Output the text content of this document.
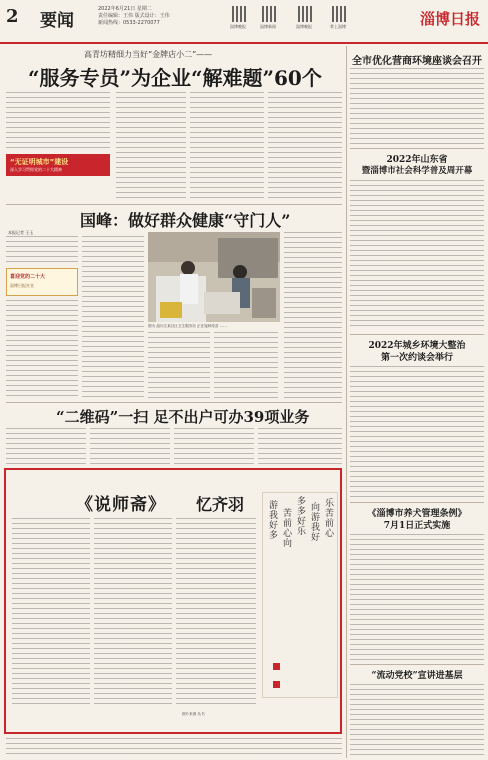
2 要闻
2022年6月21日 星期二
责任编辑：王伟 版式设计：王伟
新闻热线：0533-2270077
淄博晚报	淄博新闻	淄博晚报	掌上淄博	淄博日报
高青坊精细力当好“金牌店小二”——
“服务专员”为企业“解难题”60个
“无证明城市”建设
深入学习贯彻党的二十大精神
国峰：做好群众健康“守门人”
本报记者 王玉
喜迎党的二十大
淄博日报社宣
图为 淄川区某社区卫生服务站 正在接种疫苗 ……
“二维码”一扫 足不出户可办39项业务
《说师斋》 忆齐羽	乐苦前心
向游我好
多多好乐
苦前心向
游我好多
图片来源 丛书
全市优化营商环境座谈会召开
2022年山东省
暨淄博市社会科学普及周开幕
2022年城乡环境大整治
第一次约谈会举行
《淄博市养犬管理条例》
7月1日正式实施
“流动党校”宣讲进基层
